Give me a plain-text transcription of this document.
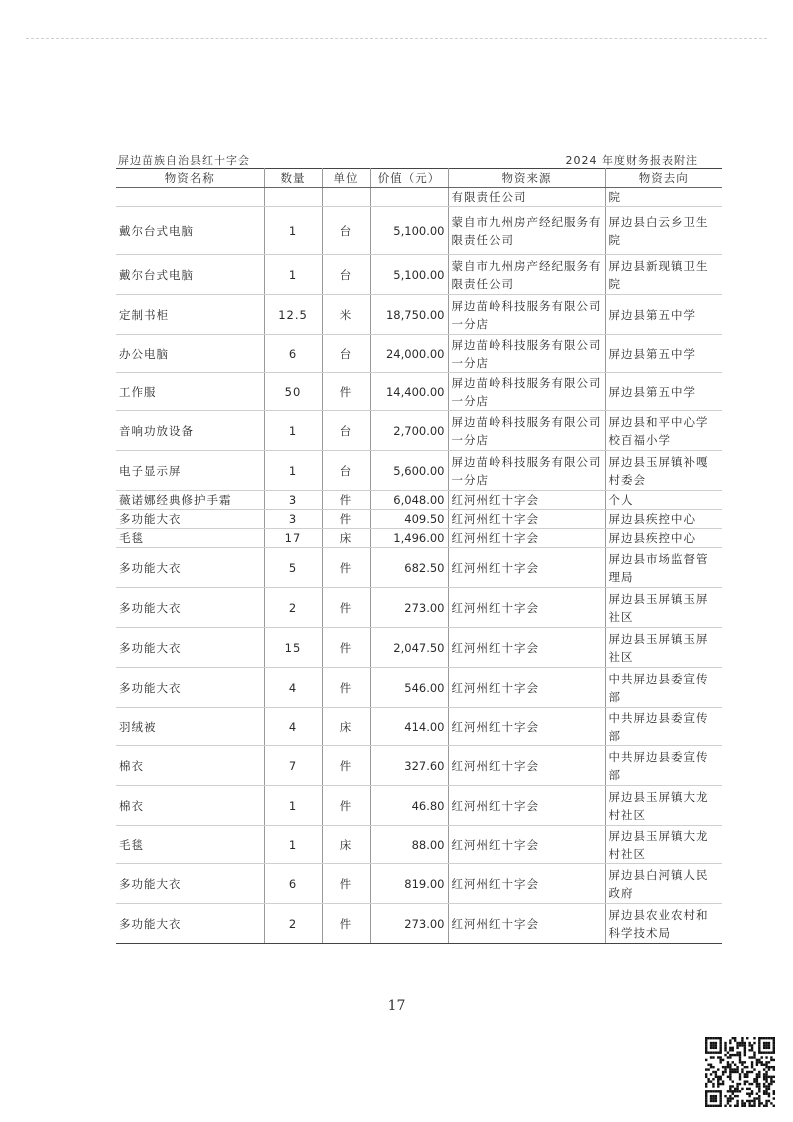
屏边苗族自治县红十字会	2024 年度财务报表附注
物资名称	数量	单位	价值（元）	物资来源	物资去向
				有限责任公司	院
戴尔台式电脑	1	台	5,100.00	蒙自市九州房产经纪服务有限责任公司	屏边县白云乡卫生院
戴尔台式电脑	1	台	5,100.00	蒙自市九州房产经纪服务有限责任公司	屏边县新现镇卫生院
定制书柜	12.5	米	18,750.00	屏边苗岭科技服务有限公司一分店	屏边县第五中学
办公电脑	6	台	24,000.00	屏边苗岭科技服务有限公司一分店	屏边县第五中学
工作服	50	件	14,400.00	屏边苗岭科技服务有限公司一分店	屏边县第五中学
音响功放设备	1	台	2,700.00	屏边苗岭科技服务有限公司一分店	屏边县和平中心学校百福小学
电子显示屏	1	台	5,600.00	屏边苗岭科技服务有限公司一分店	屏边县玉屏镇补嘎村委会
薇诺娜经典修护手霜	3	件	6,048.00	红河州红十字会	个人
多功能大衣	3	件	409.50	红河州红十字会	屏边县疾控中心
毛毯	17	床	1,496.00	红河州红十字会	屏边县疾控中心
多功能大衣	5	件	682.50	红河州红十字会	屏边县市场监督管理局
多功能大衣	2	件	273.00	红河州红十字会	屏边县玉屏镇玉屏社区
多功能大衣	15	件	2,047.50	红河州红十字会	屏边县玉屏镇玉屏社区
多功能大衣	4	件	546.00	红河州红十字会	中共屏边县委宣传部
羽绒被	4	床	414.00	红河州红十字会	中共屏边县委宣传部
棉衣	7	件	327.60	红河州红十字会	中共屏边县委宣传部
棉衣	1	件	46.80	红河州红十字会	屏边县玉屏镇大龙村社区
毛毯	1	床	88.00	红河州红十字会	屏边县玉屏镇大龙村社区
多功能大衣	6	件	819.00	红河州红十字会	屏边县白河镇人民政府
多功能大衣	2	件	273.00	红河州红十字会	屏边县农业农村和科学技术局
17
